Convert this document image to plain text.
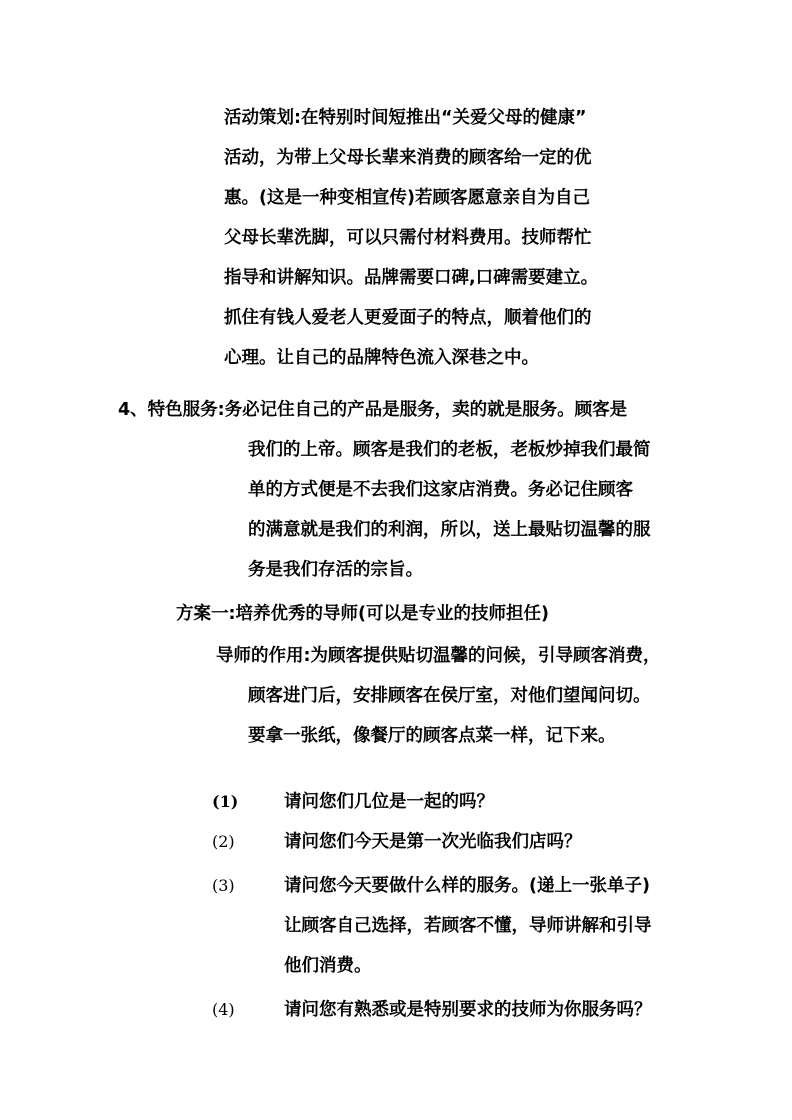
活动策划:在特别时间短推出“关爱父母的健康”
活动，为带上父母长辈来消费的顾客给一定的优
惠。(这是一种变相宣传)若顾客愿意亲自为自己
父母长辈洗脚，可以只需付材料费用。技师帮忙
指导和讲解知识。品牌需要口碑,口碑需要建立。
抓住有钱人爱老人更爱面子的特点，顺着他们的
心理。让自己的品牌特色流入深巷之中。
4、特色服务:务必记住自己的产品是服务，卖的就是服务。顾客是
我们的上帝。顾客是我们的老板，老板炒掉我们最简
单的方式便是不去我们这家店消费。务必记住顾客
的满意就是我们的利润，所以，送上最贴切温馨的服
务是我们存活的宗旨。
方案一:培养优秀的导师(可以是专业的技师担任)
导师的作用:为顾客提供贴切温馨的问候，引导顾客消费，
顾客进门后，安排顾客在侯厅室，对他们望闻问切。
要拿一张纸，像餐厅的顾客点菜一样，记下来。
(1)	请问您们几位是一起的吗？
(2)	请问您们今天是第一次光临我们店吗？
(3)	请问您今天要做什么样的服务。(递上一张单子)
让顾客自己选择，若顾客不懂，导师讲解和引导
他们消费。
(4)	请问您有熟悉或是特别要求的技师为你服务吗？
